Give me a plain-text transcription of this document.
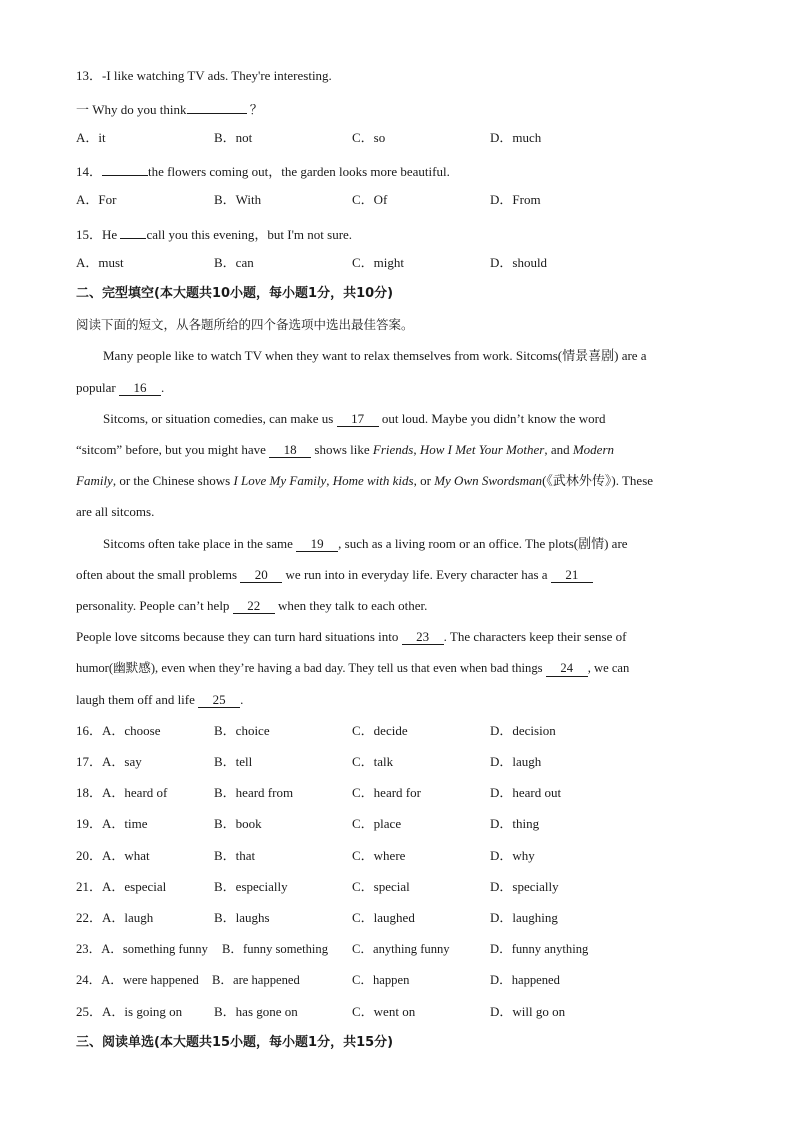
13．-I like watching TV ads. They're interesting.
一 Why do you think	？
A．it	B．not	C．so	D．much
14．	the flowers coming out，the garden looks more beautiful.
A．For	B．With	C．Of	D．From
15．He call you this evening，but I'm not sure.
A．must	B．can	C．might	D．should
二、完型填空(本大题共10小题，每小题1分，共10分)
阅读下面的短文，从各题所给的四个备选项中选出最佳答案。
Many people like to watch TV when they want to relax themselves from work. Sitcoms(情景喜剧) are a
popular 16 .
Sitcoms, or situation comedies, can make us 17 out loud. Maybe you didn’t know the word
“sitcom” before, but you might have 18 shows like Friends, How I Met Your Mother, and Modern
Family, or the Chinese shows I Love My Family, Home with kids, or My Own Swordsman(《武林外传》). These
are all sitcoms.
Sitcoms often take place in the same 19 , such as a living room or an office. The plots(剧情) are
often about the small problems 20 we run into in everyday life. Every character has a 21
personality. People can’t help 22 when they talk to each other.
People love sitcoms because they can turn hard situations into 23 . The characters keep their sense of
humor(幽默感), even when they’re having a bad day. They tell us that even when bad things 24 , we can
laugh them off and life 25 .
16．A．choose	B．choice	C．decide	D．decision
17．A．say	B．tell	C．talk	D．laugh
18．A．heard of	B．heard from	C．heard for	D．heard out
19．A．time	B．book	C．place	D．thing
20．A．what	B．that	C．where	D．why
21．A．especial	B．especially	C．special	D．specially
22．A．laugh	B．laughs	C．laughed	D．laughing
23．A．something funny B．funny something C．anything funny	D．funny anything
24．A．were happened B．are happened	C．happen	D．happened
25．A．is going on B．has gone on	C．went on	D．will go on
三、阅读单选(本大题共15小题，每小题1分，共15分)
